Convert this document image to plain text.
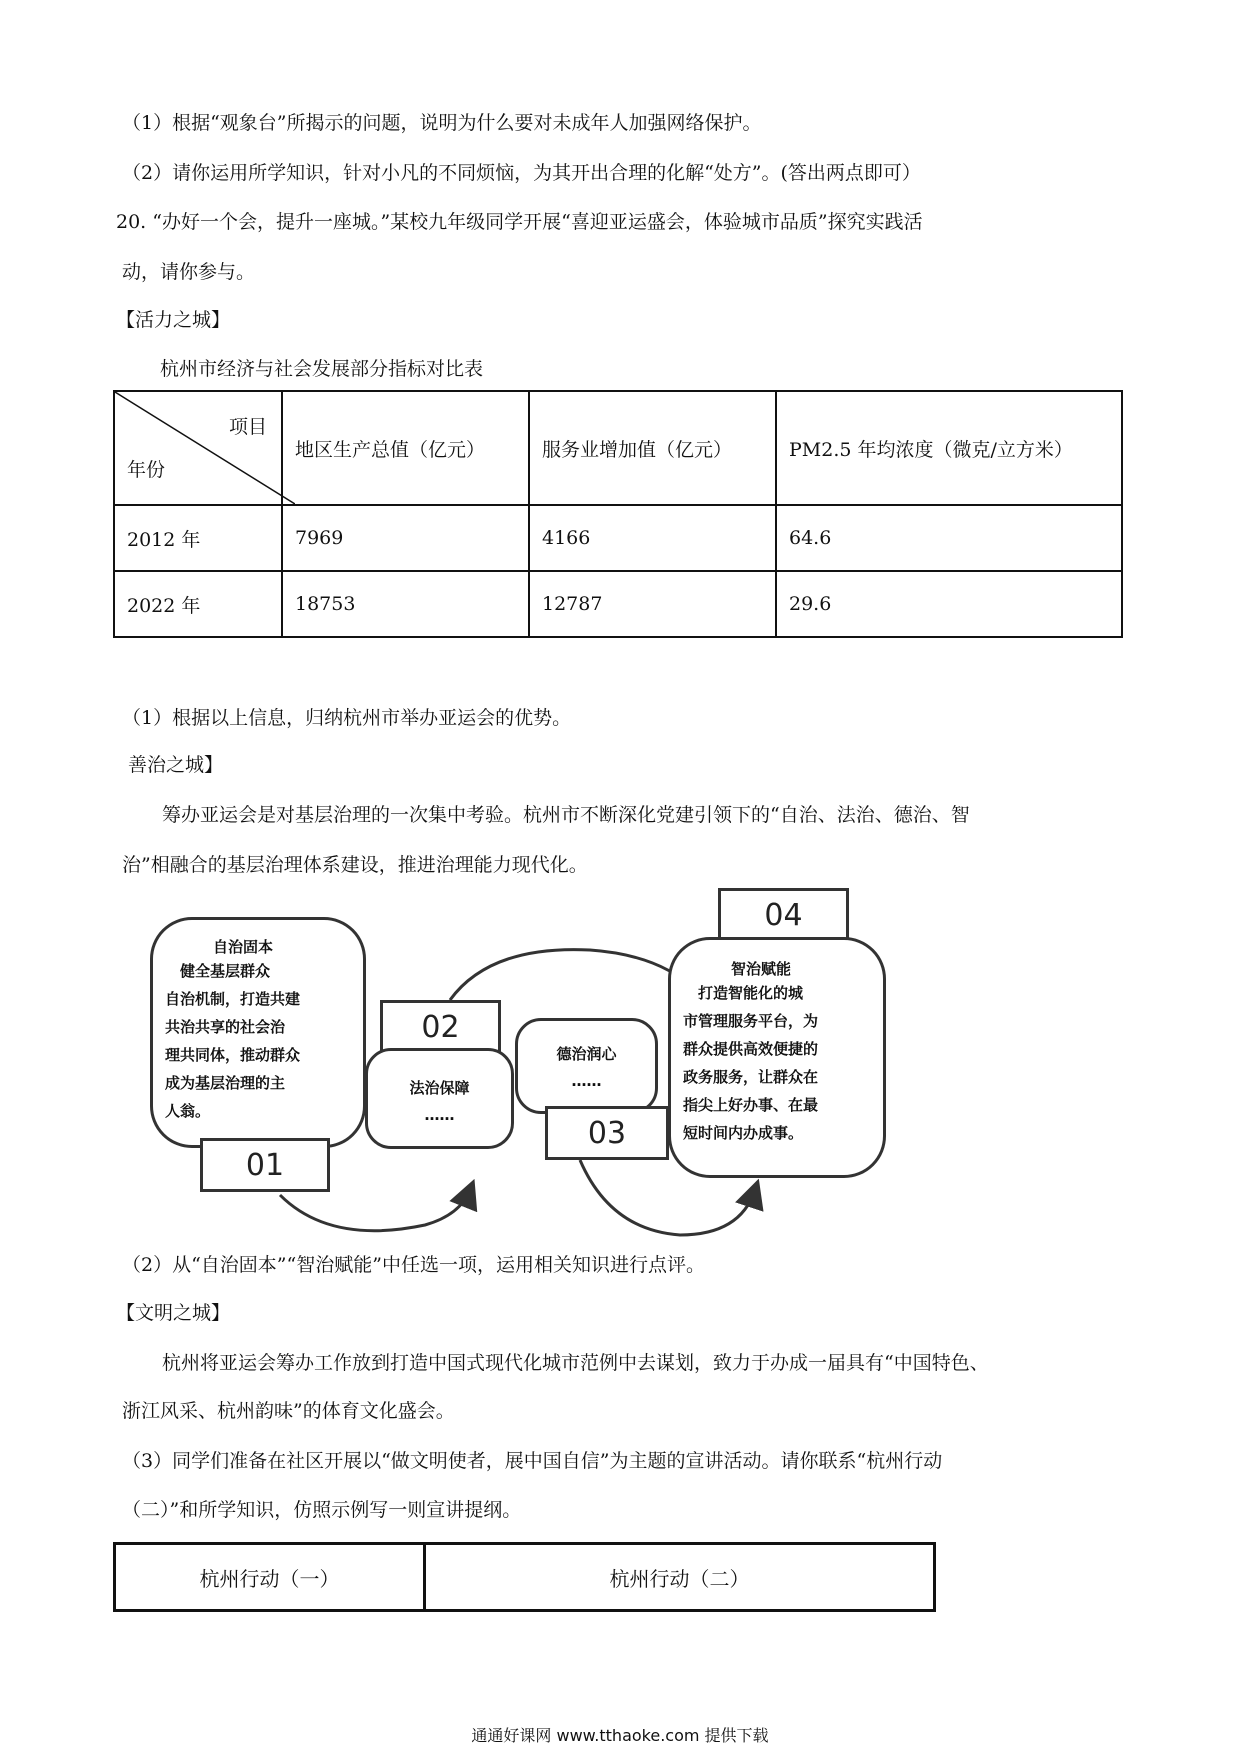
（1）根据“观象台”所揭示的问题，说明为什么要对未成年人加强网络保护。
（2）请你运用所学知识，针对小凡的不同烦恼，为其开出合理的化解“处方”。(答出两点即可）
20. “办好一个会，提升一座城。”某校九年级同学开展“喜迎亚运盛会，体验城市品质”探究实践活
动，请你参与。
【活力之城】
杭州市经济与社会发展部分指标对比表
项目
年份	地区生产总值（亿元）	服务业增加值（亿元）	PM2.5 年均浓度（微克/立方米）
2012 年	7969	4166	64.6
2022 年	18753	12787	29.6
（1）根据以上信息，归纳杭州市举办亚运会的优势。
善治之城】
筹办亚运会是对基层治理的一次集中考验。杭州市不断深化党建引领下的“自治、法治、德治、智
治”相融合的基层治理体系建设，推进治理能力现代化。
自治固本
　健全基层群众
自治机制，打造共建
共治共享的社会治
理共同体，推动群众
成为基层治理的主
人翁。
01
02
法治保障
……
德治润心
……
03
04
智治赋能
　打造智能化的城
市管理服务平台，为
群众提供高效便捷的
政务服务，让群众在
指尖上好办事、在最
短时间内办成事。
（2）从“自治固本”“智治赋能”中任选一项，运用相关知识进行点评。
【文明之城】
杭州将亚运会筹办工作放到打造中国式现代化城市范例中去谋划，致力于办成一届具有“中国特色、
浙江风采、杭州韵味”的体育文化盛会。
（3）同学们准备在社区开展以“做文明使者，展中国自信”为主题的宣讲活动。请你联系“杭州行动
（二）”和所学知识，仿照示例写一则宣讲提纲。
杭州行动（一）	杭州行动（二）
通通好课网 www.tthaoke.com 提供下载
